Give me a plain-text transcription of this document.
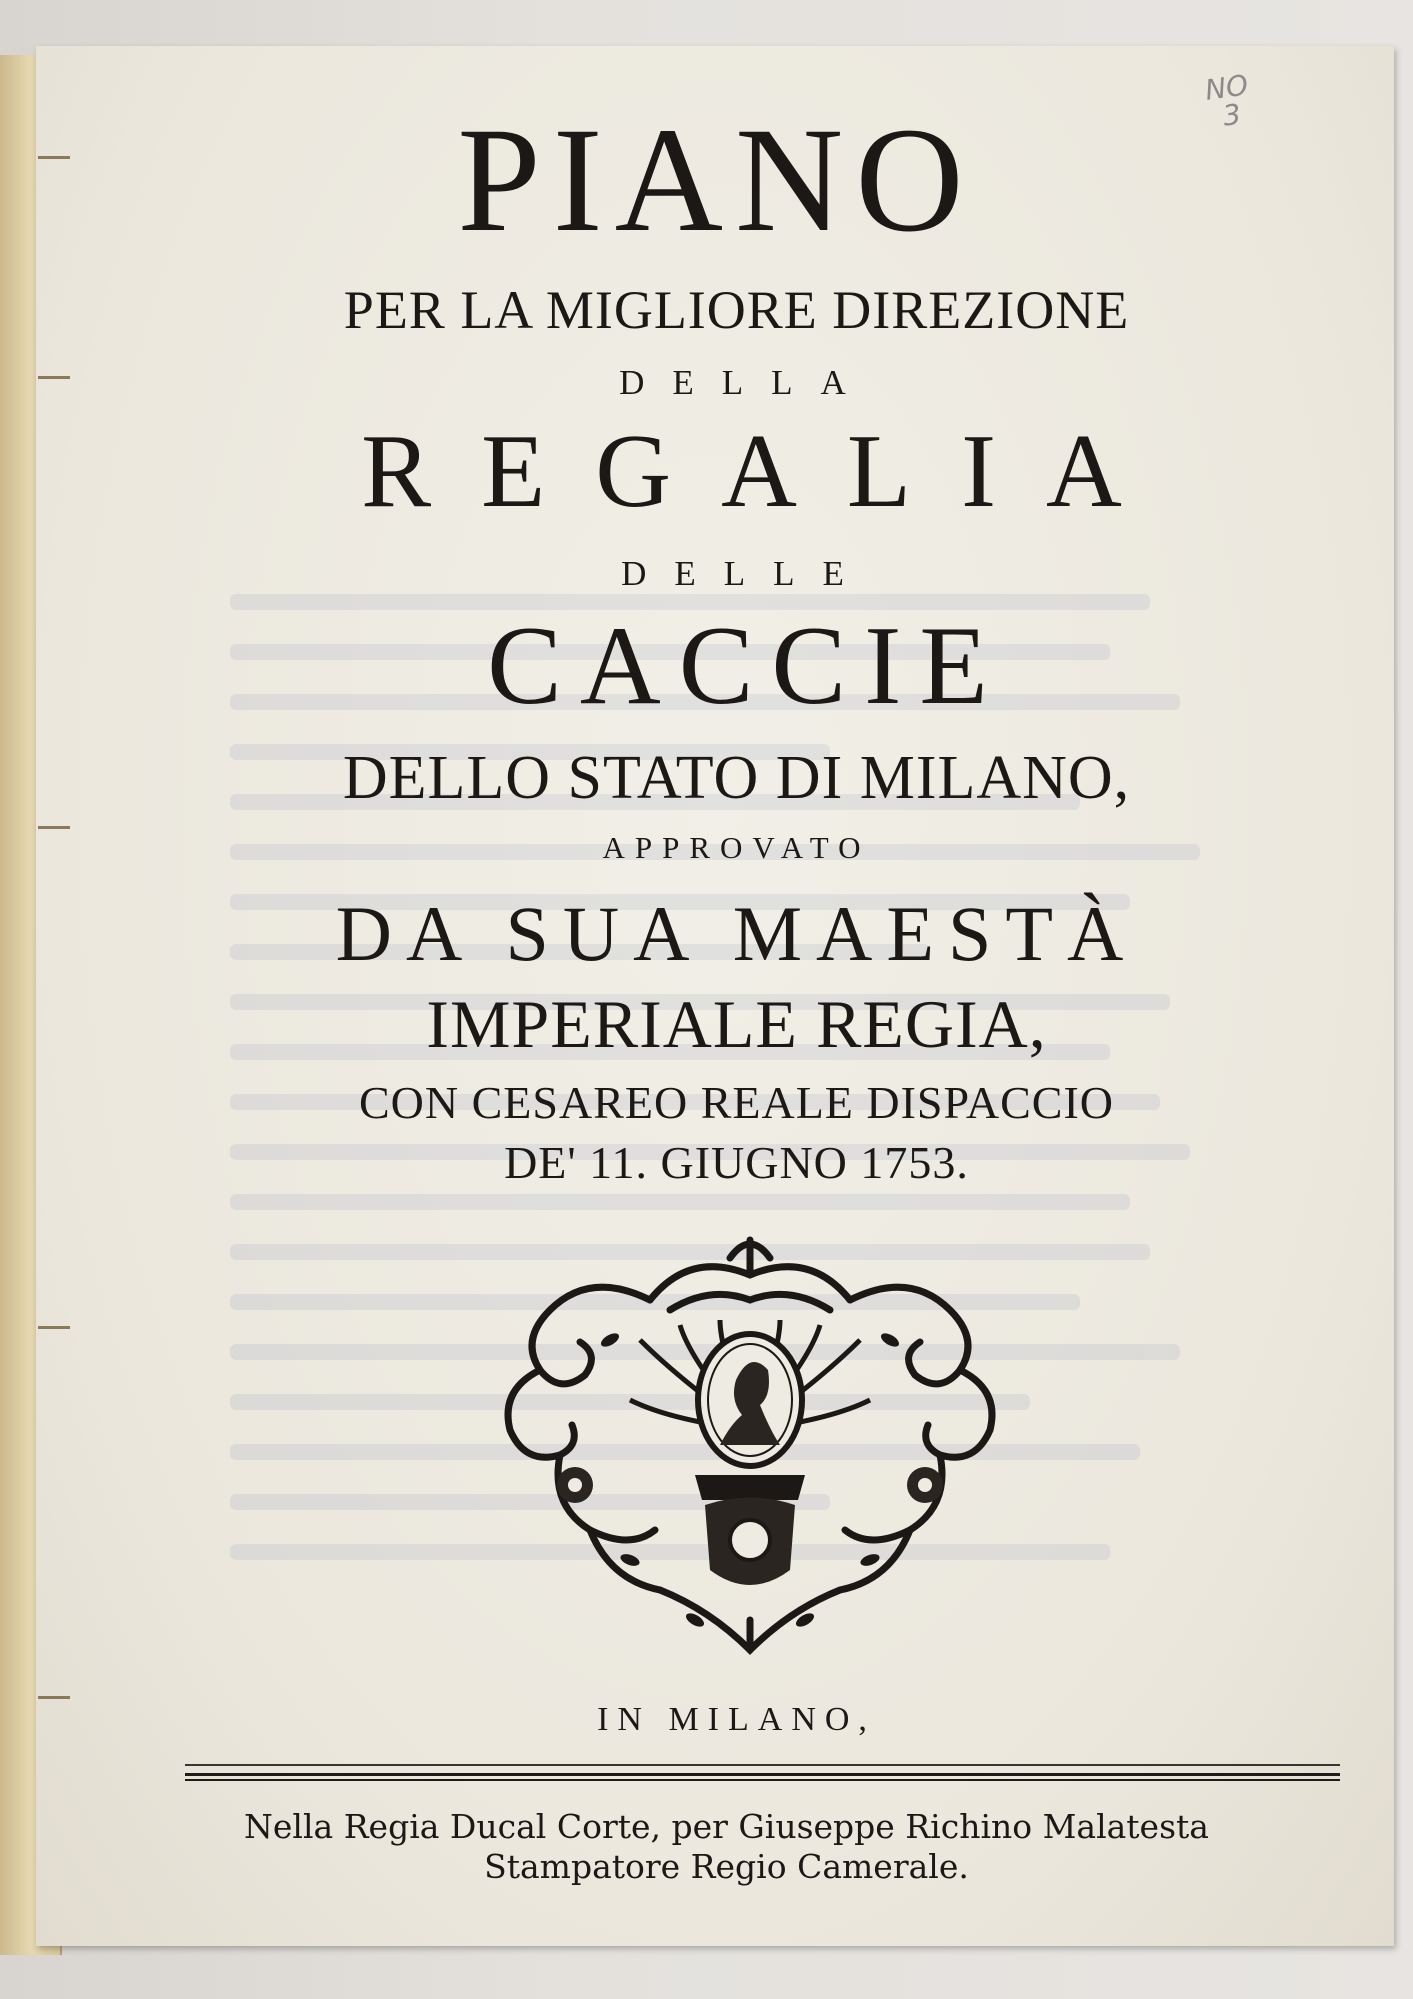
NO
3
PIANO
PER LA MIGLIORE DIREZIONE
DELLA
REGALIA
DELLE
CACCIE
DELLO STATO DI MILANO,
APPROVATO
DA SUA MAESTÀ
IMPERIALE REGIA,
CON CESAREO REALE DISPACCIO
DE' 11. GIUGNO 1753.
IN MILANO,
Nella Regia Ducal Corte, per Giuseppe Richino Malatesta
Stampatore Regio Camerale.
